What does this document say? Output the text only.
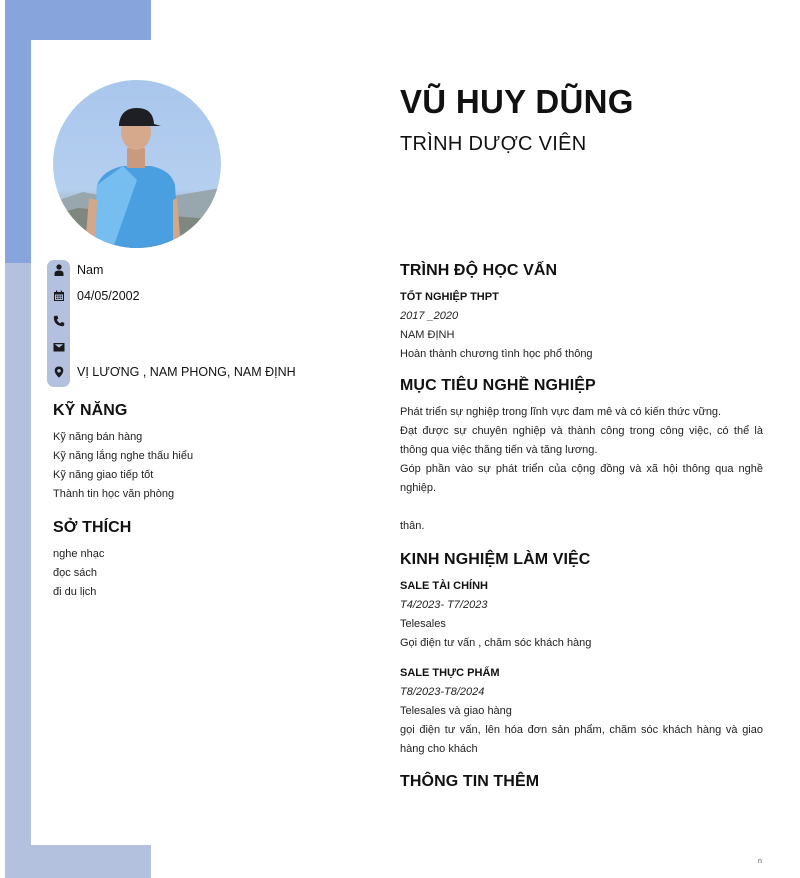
Nam
04/05/2002
VỊ LƯƠNG , NAM PHONG, NAM ĐỊNH
KỸ NĂNG
Kỹ năng bán hàng
Kỹ năng lắng nghe thấu hiểu
Kỹ năng giao tiếp tốt
Thành tin học văn phòng
SỞ THÍCH
nghe nhạc
đọc sách
đi du lịch
VŨ HUY DŨNG
TRÌNH DƯỢC VIÊN
TRÌNH ĐỘ HỌC VẤN
TỐT NGHIỆP THPT
2017 _2020
NAM ĐỊNH
Hoàn thành chương tình học phổ thông
MỤC TIÊU NGHỀ NGHIỆP
Phát triển sự nghiệp trong lĩnh vực đam mê và có kiến thức vững.
Đạt được sự chuyên nghiệp và thành công trong công việc, có thể là thông qua việc thăng tiến và tăng lương.
Góp phần vào sự phát triển của cộng đồng và xã hội thông qua nghề nghiệp.
thân.
KINH NGHIỆM LÀM VIỆC
SALE TÀI CHÍNH
T4/2023- T7/2023
Telesales
Gọi điện tư vấn , chăm sóc khách hàng
SALE THỰC PHẨM
T8/2023-T8/2024
Telesales và giao hàng
gọi điện tư vấn, lên hóa đơn sản phẩm, chăm sóc khách hàng và giao hàng cho khách
THÔNG TIN THÊM
n
